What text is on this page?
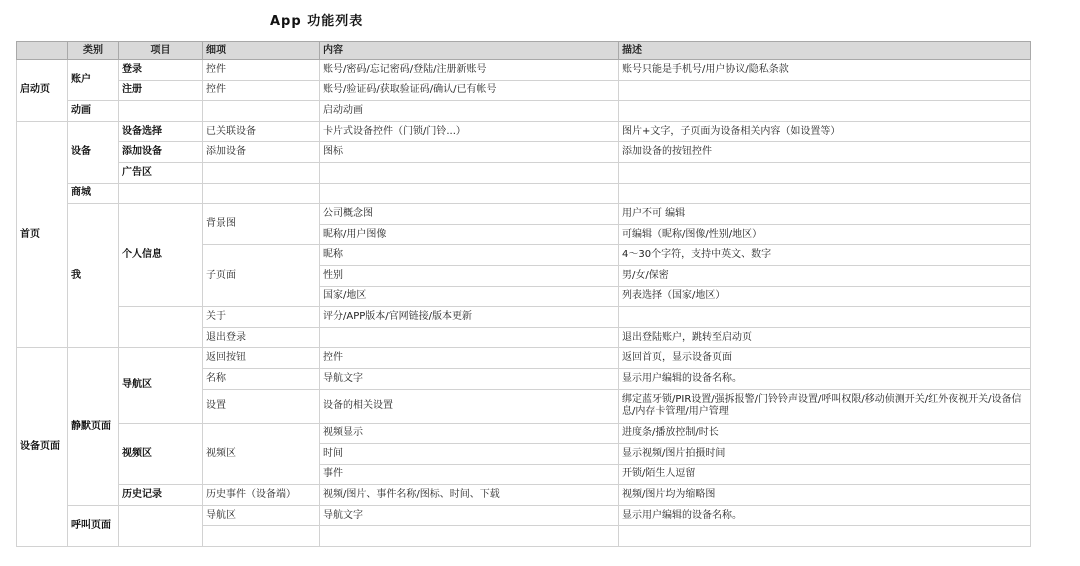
App 功能列表
	类别	项目	细项	内容	描述
启动页	账户	登录	控件	账号/密码/忘记密码/登陆/注册新账号	账号只能是手机号/用户协议/隐私条款
		注册	控件	账号/验证码/获取验证码/确认/已有帐号	
	动画			启动动画	
首页	设备	设备选择	已关联设备	卡片式设备控件（门锁/门铃...）	图片+文字，子页面为设备相关内容（如设置等）
		添加设备	添加设备	图标	添加设备的按钮控件
		广告区			
	商城				
	我	个人信息	背景图	公司概念图	用户不可 编辑
				昵称/用户图像	可编辑（昵称/图像/性别/地区）
			子页面	昵称	4～30个字符，支持中英文、数字
				性别	男/女/保密
				国家/地区	列表选择（国家/地区）
			关于	评分/APP版本/官网链接/版本更新	
			退出登录		退出登陆账户，跳转至启动页
设备页面	静默页面	导航区	返回按钮	控件	返回首页，显示设备页面
			名称	导航文字	显示用户编辑的设备名称。
			设置	设备的相关设置	绑定蓝牙锁/PIR设置/强拆报警/门铃铃声设置/呼叫权限/移动侦测开关/红外夜视开关/设备信息/内存卡管理/用户管理
		视频区	视频区	视频显示	进度条/播放控制/时长
				时间	显示视频/图片拍摄时间
				事件	开锁/陌生人逗留
		历史记录	历史事件（设备端）	视频/图片、事件名称/图标、时间、下载	视频/图片均为缩略图
	呼叫页面		导航区	导航文字	显示用户编辑的设备名称。
